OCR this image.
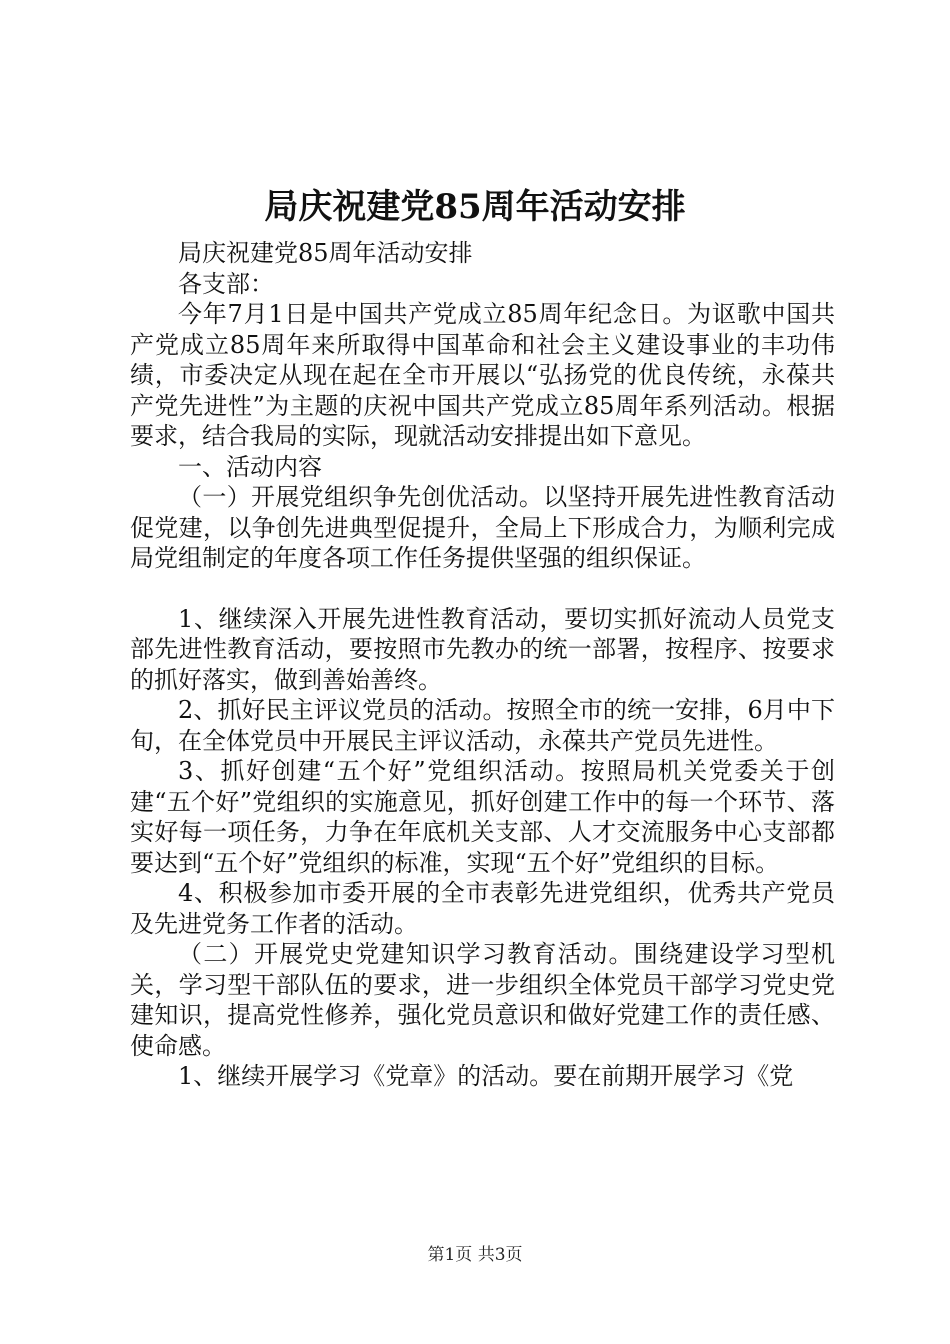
局庆祝建党85周年活动安排

局庆祝建党85周年活动安排

各支部：

今年7月1日是中国共产党成立85周年纪念日。为讴歌中国共产党成立85周年来所取得中国革命和社会主义建设事业的丰功伟绩，市委决定从现在起在全市开展以“弘扬党的优良传统，永葆共产党先进性”为主题的庆祝中国共产党成立85周年系列活动。根据要求，结合我局的实际，现就活动安排提出如下意见。

一、活动内容

（一）开展党组织争先创优活动。以坚持开展先进性教育活动促党建，以争创先进典型促提升，全局上下形成合力，为顺利完成局党组制定的年度各项工作任务提供坚强的组织保证。

1、继续深入开展先进性教育活动，要切实抓好流动人员党支部先进性教育活动，要按照市先教办的统一部署，按程序、按要求的抓好落实，做到善始善终。

2、抓好民主评议党员的活动。按照全市的统一安排，6月中下旬，在全体党员中开展民主评议活动，永葆共产党员先进性。

3、抓好创建“五个好”党组织活动。按照局机关党委关于创建“五个好”党组织的实施意见，抓好创建工作中的每一个环节、落实好每一项任务，力争在年底机关支部、人才交流服务中心支部都要达到“五个好”党组织的标准，实现“五个好”党组织的目标。

4、积极参加市委开展的全市表彰先进党组织，优秀共产党员及先进党务工作者的活动。

（二）开展党史党建知识学习教育活动。围绕建设学习型机关，学习型干部队伍的要求，进一步组织全体党员干部学习党史党建知识，提高党性修养，强化党员意识和做好党建工作的责任感、使命感。

1、继续开展学习《党章》的活动。要在前期开展学习《党

第1页 共3页
